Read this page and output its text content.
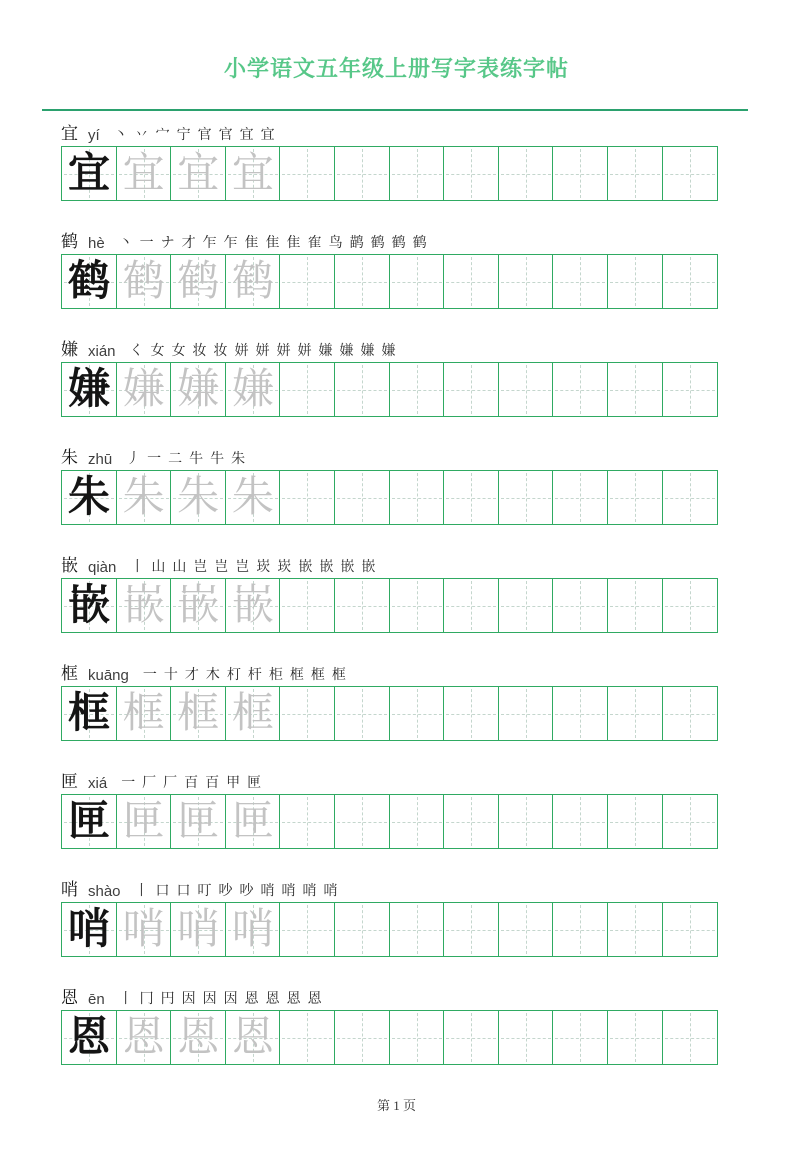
小学语文五年级上册写字表练字帖
宜 yí 丶丷宀宁官官宜宜
宜 宜 宜 宜
鹤 hè 丶一ナ才乍乍隹隹隹隺鸟鹋鹤鹤鹤
鹤 鹤 鹤 鹤
嫌 xián く女女妆妆姘姘姘姘嫌嫌嫌嫌
嫌 嫌 嫌 嫌
朱 zhū 丿一二牛牛朱
朱 朱 朱 朱
嵌 qiàn 丨山山岂岂岂崁崁嵌嵌嵌嵌
嵌 嵌 嵌 嵌
框 kuāng 一十才木朾杆柜框框框
框 框 框 框
匣 xiá 一厂厂百百甲匣
匣 匣 匣 匣
哨 shào 丨口口叮吵吵哨哨哨哨
哨 哨 哨 哨
恩 ēn 丨冂円因因因恩恩恩恩
恩 恩 恩 恩
第 1 页
